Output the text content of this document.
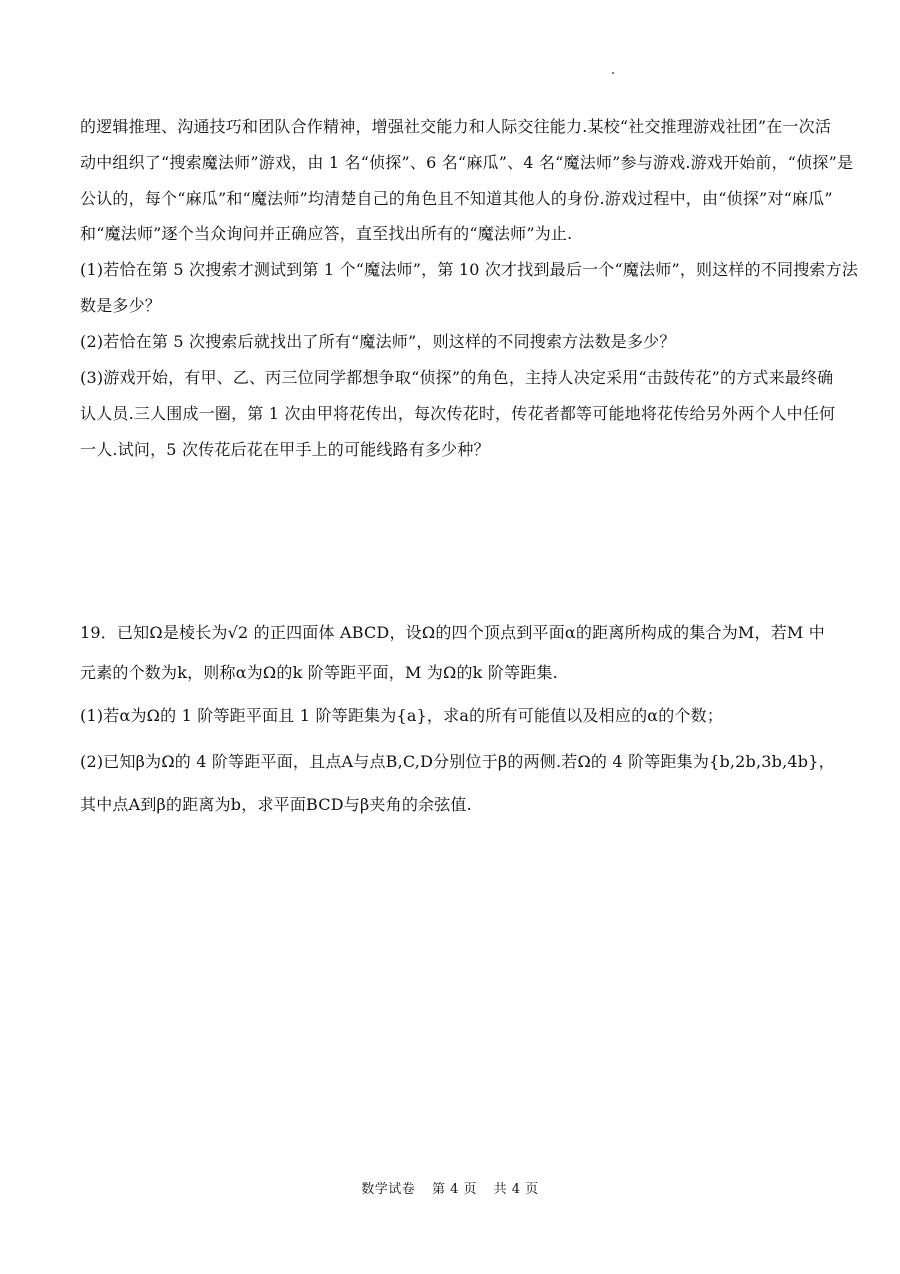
的逻辑推理、沟通技巧和团队合作精神，增强社交能力和人际交往能力.某校“社交推理游戏社团”在一次活
动中组织了“搜索魔法师”游戏，由 1 名“侦探”、6 名“麻瓜”、4 名“魔法师”参与游戏.游戏开始前，“侦探”是
公认的，每个“麻瓜”和“魔法师”均清楚自己的角色且不知道其他人的身份.游戏过程中，由“侦探”对“麻瓜”
和“魔法师”逐个当众询问并正确应答，直至找出所有的“魔法师”为止.
(1)若恰在第 5 次搜索才测试到第 1 个“魔法师”，第 10 次才找到最后一个“魔法师”，则这样的不同搜索方法
数是多少？
(2)若恰在第 5 次搜索后就找出了所有“魔法师”，则这样的不同搜索方法数是多少？
(3)游戏开始，有甲、乙、丙三位同学都想争取“侦探”的角色，主持人决定采用“击鼓传花”的方式来最终确
认人员.三人围成一圈，第 1 次由甲将花传出，每次传花时，传花者都等可能地将花传给另外两个人中任何
一人.试问，5 次传花后花在甲手上的可能线路有多少种？
19．已知Ω是棱长为√2 的正四面体 ABCD，设Ω的四个顶点到平面α的距离所构成的集合为M，若M 中
元素的个数为k，则称α为Ω的k 阶等距平面，M 为Ω的k 阶等距集.
(1)若α为Ω的 1 阶等距平面且 1 阶等距集为{a}，求a的所有可能值以及相应的α的个数；
(2)已知β为Ω的 4 阶等距平面，且点A与点B,C,D分别位于β的两侧.若Ω的 4 阶等距集为{b,2b,3b,4b}，
其中点A到β的距离为b，求平面BCD与β夹角的余弦值.
数学试卷 第 4 页 共 4 页
